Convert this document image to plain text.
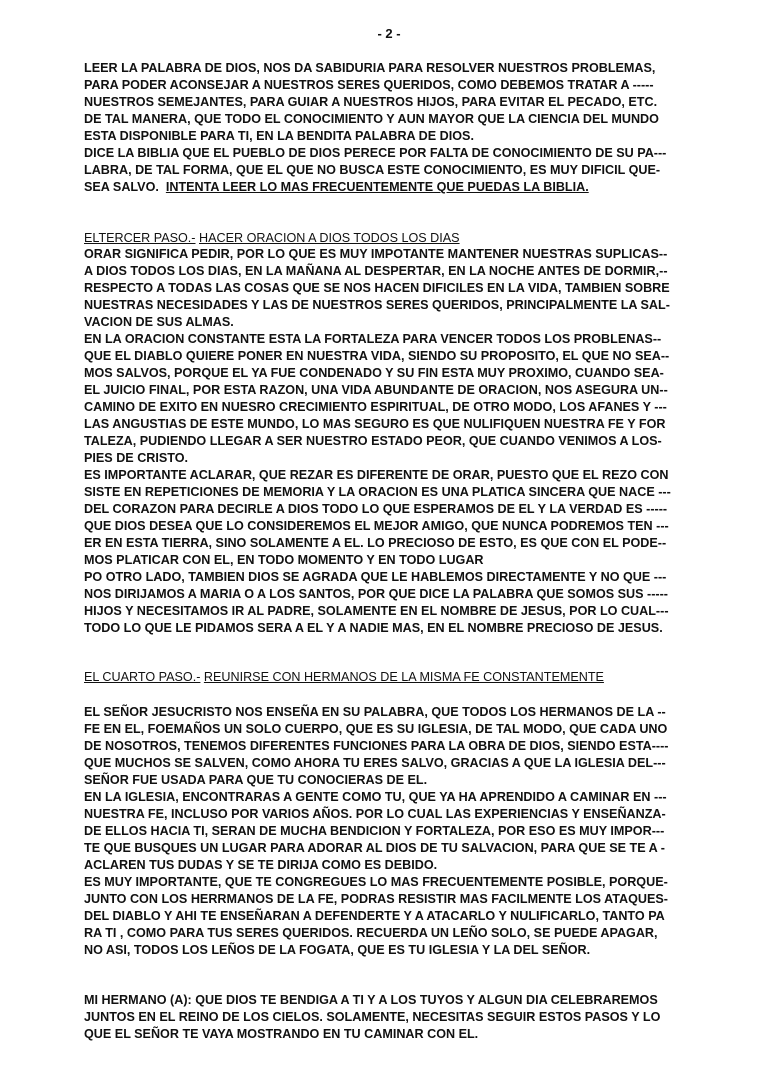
- 2 -
LEER LA PALABRA DE DIOS, NOS DA SABIDURIA PARA RESOLVER NUESTROS PROBLEMAS,
PARA PODER ACONSEJAR A NUESTROS SERES QUERIDOS, COMO DEBEMOS TRATAR A -----
NUESTROS SEMEJANTES, PARA GUIAR A NUESTROS HIJOS, PARA EVITAR EL PECADO, ETC.
DE TAL MANERA, QUE TODO EL CONOCIMIENTO Y AUN MAYOR QUE LA CIENCIA DEL MUNDO
ESTA DISPONIBLE PARA TI, EN LA BENDITA PALABRA DE DIOS.
DICE LA BIBLIA QUE EL PUEBLO DE DIOS PERECE POR FALTA DE CONOCIMIENTO DE SU PA---
LABRA, DE TAL FORMA, QUE EL QUE NO BUSCA ESTE CONOCIMIENTO, ES MUY DIFICIL QUE-
SEA SALVO. INTENTA LEER LO MAS FRECUENTEMENTE QUE PUEDAS LA BIBLIA.
ELTERCER PASO.- HACER ORACION A DIOS TODOS LOS DIAS
ORAR SIGNIFICA PEDIR, POR LO QUE ES MUY IMPOTANTE MANTENER NUESTRAS SUPLICAS--
A DIOS TODOS LOS DIAS, EN LA MAÑANA AL DESPERTAR, EN LA NOCHE ANTES DE DORMIR,--
RESPECTO A TODAS LAS COSAS QUE SE NOS HACEN DIFICILES EN LA VIDA, TAMBIEN SOBRE
NUESTRAS NECESIDADES Y LAS DE NUESTROS SERES QUERIDOS, PRINCIPALMENTE LA SAL-
VACION DE SUS ALMAS.
EN LA ORACION CONSTANTE ESTA LA FORTALEZA PARA VENCER TODOS LOS PROBLENAS--
QUE EL DIABLO QUIERE PONER EN NUESTRA VIDA, SIENDO SU PROPOSITO, EL QUE NO SEA--
MOS SALVOS, PORQUE EL YA FUE CONDENADO Y SU FIN ESTA MUY PROXIMO, CUANDO SEA-
EL JUICIO FINAL, POR ESTA RAZON, UNA VIDA ABUNDANTE DE ORACION, NOS ASEGURA UN--
CAMINO DE EXITO EN NUESRO CRECIMIENTO ESPIRITUAL, DE OTRO MODO, LOS AFANES Y ---
LAS ANGUSTIAS DE ESTE MUNDO, LO MAS SEGURO ES QUE NULIFIQUEN NUESTRA FE Y FOR
TALEZA, PUDIENDO LLEGAR A SER NUESTRO ESTADO PEOR, QUE CUANDO VENIMOS A LOS-
PIES DE CRISTO.
ES IMPORTANTE ACLARAR, QUE REZAR ES DIFERENTE DE ORAR, PUESTO QUE EL REZO CON
SISTE EN REPETICIONES DE MEMORIA Y LA ORACION ES UNA PLATICA SINCERA QUE NACE ---
DEL CORAZON PARA DECIRLE A DIOS TODO LO QUE ESPERAMOS DE EL Y LA VERDAD ES -----
QUE DIOS DESEA QUE LO CONSIDEREMOS EL MEJOR AMIGO, QUE NUNCA PODREMOS TEN ---
ER EN ESTA TIERRA, SINO SOLAMENTE A EL. LO PRECIOSO DE ESTO, ES QUE CON EL PODE--
MOS PLATICAR CON EL, EN TODO MOMENTO Y EN TODO LUGAR
PO OTRO LADO, TAMBIEN DIOS SE AGRADA QUE LE HABLEMOS DIRECTAMENTE Y NO QUE ---
NOS DIRIJAMOS A MARIA O A LOS SANTOS, POR QUE DICE LA PALABRA QUE SOMOS SUS -----
HIJOS Y NECESITAMOS IR AL PADRE, SOLAMENTE EN EL NOMBRE DE JESUS, POR LO CUAL---
TODO LO QUE LE PIDAMOS SERA A EL Y A NADIE MAS, EN EL NOMBRE PRECIOSO DE JESUS.
EL CUARTO PASO.- REUNIRSE CON HERMANOS DE LA MISMA FE CONSTANTEMENTE
EL SEÑOR JESUCRISTO NOS ENSEÑA EN SU PALABRA, QUE TODOS LOS HERMANOS DE LA --
FE EN EL, FOEMAÑOS UN SOLO CUERPO, QUE ES SU IGLESIA, DE TAL MODO, QUE CADA UNO
DE NOSOTROS, TENEMOS DIFERENTES FUNCIONES PARA LA OBRA DE DIOS, SIENDO ESTA----
QUE MUCHOS SE SALVEN, COMO AHORA TU ERES SALVO, GRACIAS A QUE LA IGLESIA DEL---
SEÑOR FUE USADA PARA QUE TU CONOCIERAS DE EL.
EN LA IGLESIA, ENCONTRARAS A GENTE COMO TU, QUE YA HA APRENDIDO A CAMINAR EN ---
NUESTRA FE, INCLUSO POR VARIOS AÑOS. POR LO CUAL LAS EXPERIENCIAS Y ENSEÑANZA-
DE ELLOS HACIA TI, SERAN DE MUCHA BENDICION Y FORTALEZA, POR ESO ES MUY IMPOR---
TE QUE BUSQUES UN LUGAR PARA ADORAR AL DIOS DE TU SALVACION, PARA QUE SE TE A -
ACLAREN TUS DUDAS Y SE TE DIRIJA COMO ES DEBIDO.
ES MUY IMPORTANTE, QUE TE CONGREGUES LO MAS FRECUENTEMENTE POSIBLE, PORQUE-
JUNTO CON LOS HERRMANOS DE LA FE, PODRAS RESISTIR MAS FACILMENTE LOS ATAQUES-
DEL DIABLO Y AHI TE ENSEÑARAN A DEFENDERTE Y A ATACARLO Y NULIFICARLO, TANTO PA
RA TI , COMO PARA TUS SERES QUERIDOS. RECUERDA UN LEÑO SOLO, SE PUEDE APAGAR,
NO ASI, TODOS LOS LEÑOS DE LA FOGATA, QUE ES TU IGLESIA Y LA DEL SEÑOR.
MI HERMANO (A): QUE DIOS TE BENDIGA A TI Y A LOS TUYOS Y ALGUN DIA CELEBRAREMOS
JUNTOS EN EL REINO DE LOS CIELOS. SOLAMENTE, NECESITAS SEGUIR ESTOS PASOS Y LO
QUE EL SEÑOR TE VAYA MOSTRANDO EN TU CAMINAR CON EL.
